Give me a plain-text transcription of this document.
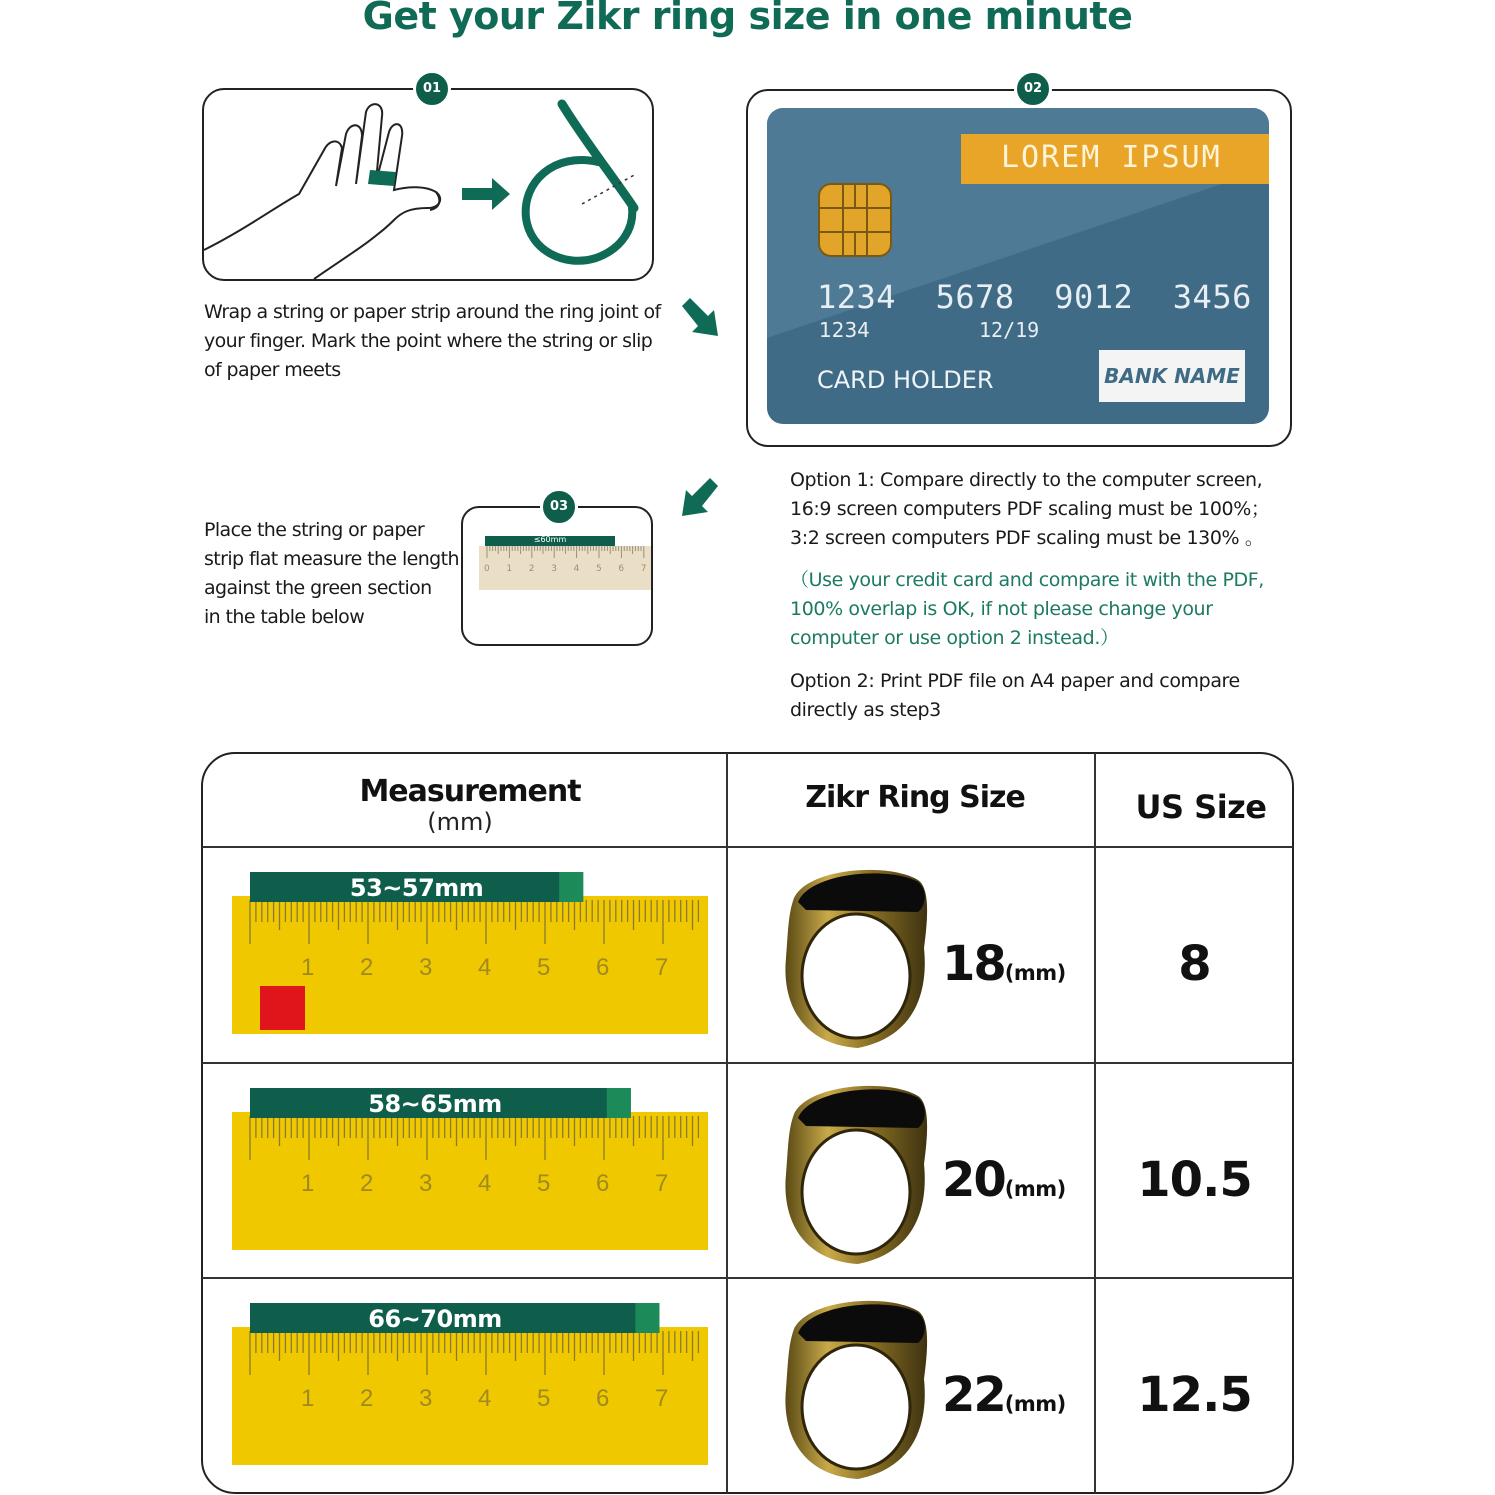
Get your Zikr ring size in one minute
01
Wrap a string or paper strip around the ring joint of
your finger. Mark the point where the string or slip
of paper meets
02
LOREM IPSUM
1234  5678  9012  3456
1234	12/19
CARD HOLDER	BANK NAME
Option 1: Compare directly to the computer screen,
16:9 screen computers PDF scaling must be 100%；
3:2 screen computers PDF scaling must be 130% 。
（Use your credit card and compare it with the PDF,
100% overlap is OK, if not please change your
computer or use option 2 instead.）
Option 2: Print PDF file on A4 paper and compare
directly as step3
Place the string or paper
strip flat measure the length
against the green section
in the table below
≤60mm
0 1 2 3 4 5 6 7
03
Measurement
(mm)
Zikr Ring Size	US Size
1 2 3 4 5 6 7
53~57mm
18(mm)	8
1 2 3 4 5 6 7
58~65mm
20(mm)	10.5
1 2 3 4 5 6 7
66~70mm
22(mm)	12.5
